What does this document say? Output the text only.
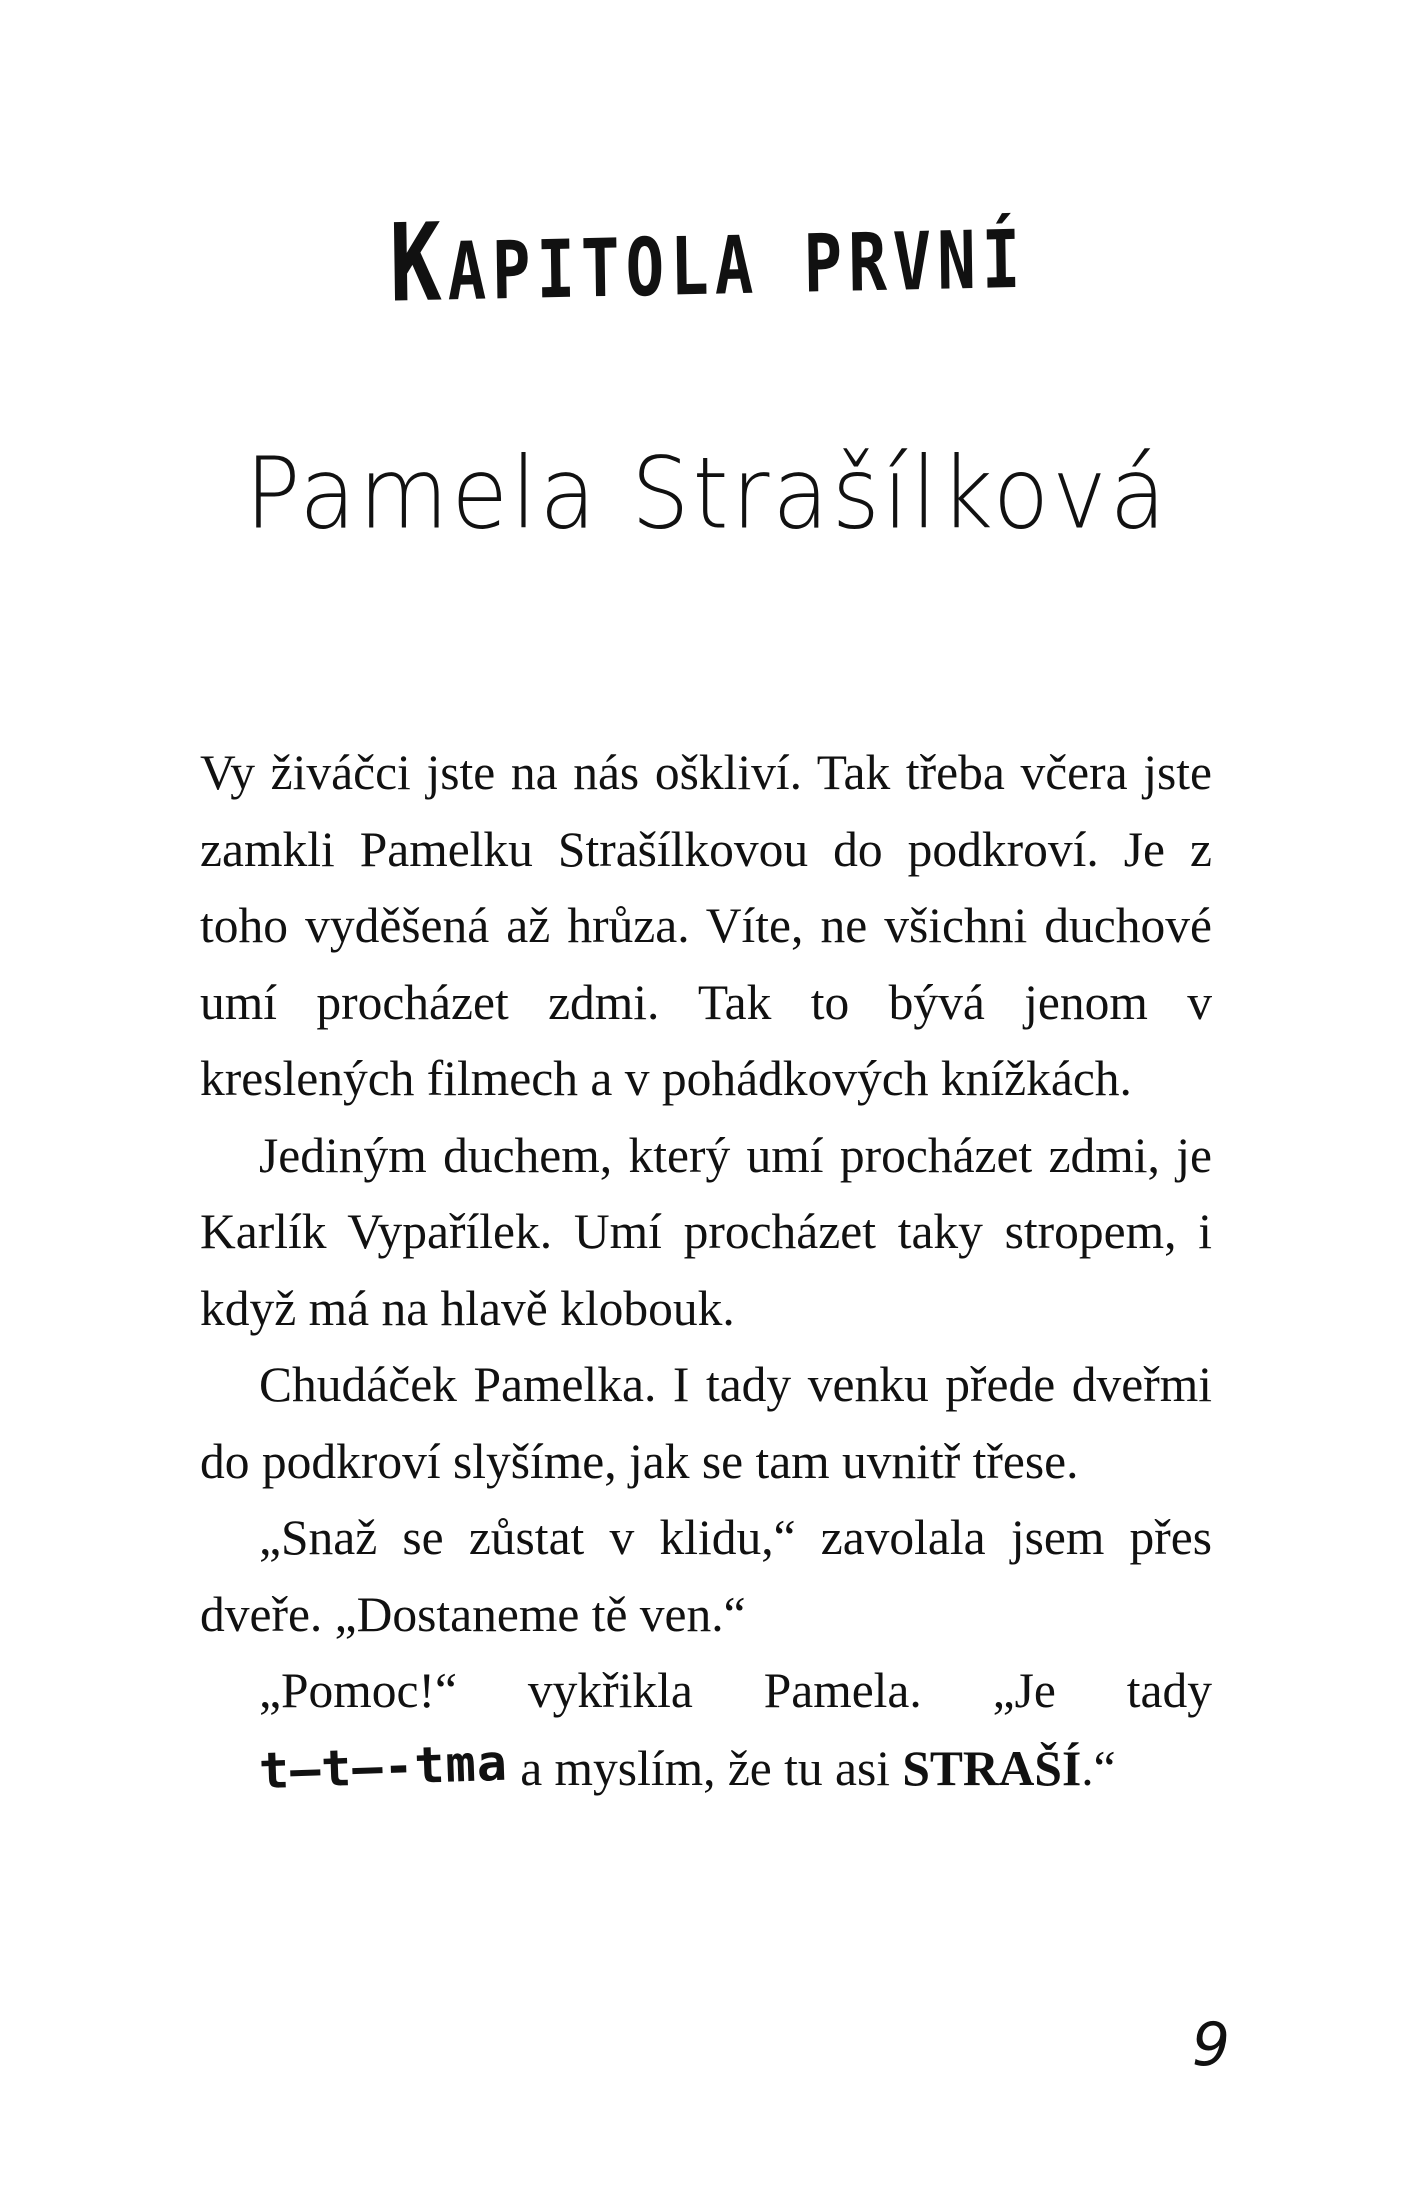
KAPITOLA PRVNÍ
Pamela Strašílková

Vy živáčci jste na nás oškliví. Tak třeba včera jste zamkli Pamelku Strašílkovou do podkroví. Je z toho vyděšená až hrůza. Víte, ne všichni duchové umí procházet zdmi. Tak to bývá jenom v kreslených filmech a v pohádkových knížkách.

Jediným duchem, který umí procházet zdmi, je Karlík Vypařílek. Umí procházet taky stropem, i když má na hlavě klobouk.

Chudáček Pamelka. I tady venku přede dveřmi do podkroví slyšíme, jak se tam uvnitř třese.

„Snaž se zůstat v klidu,“ zavolala jsem přes dveře. „Dostaneme tě ven.“

„Pomoc!“ vykřikla Pamela. „Je tady t–t–‑tma a myslím, že tu asi STRAŠÍ.“

9
